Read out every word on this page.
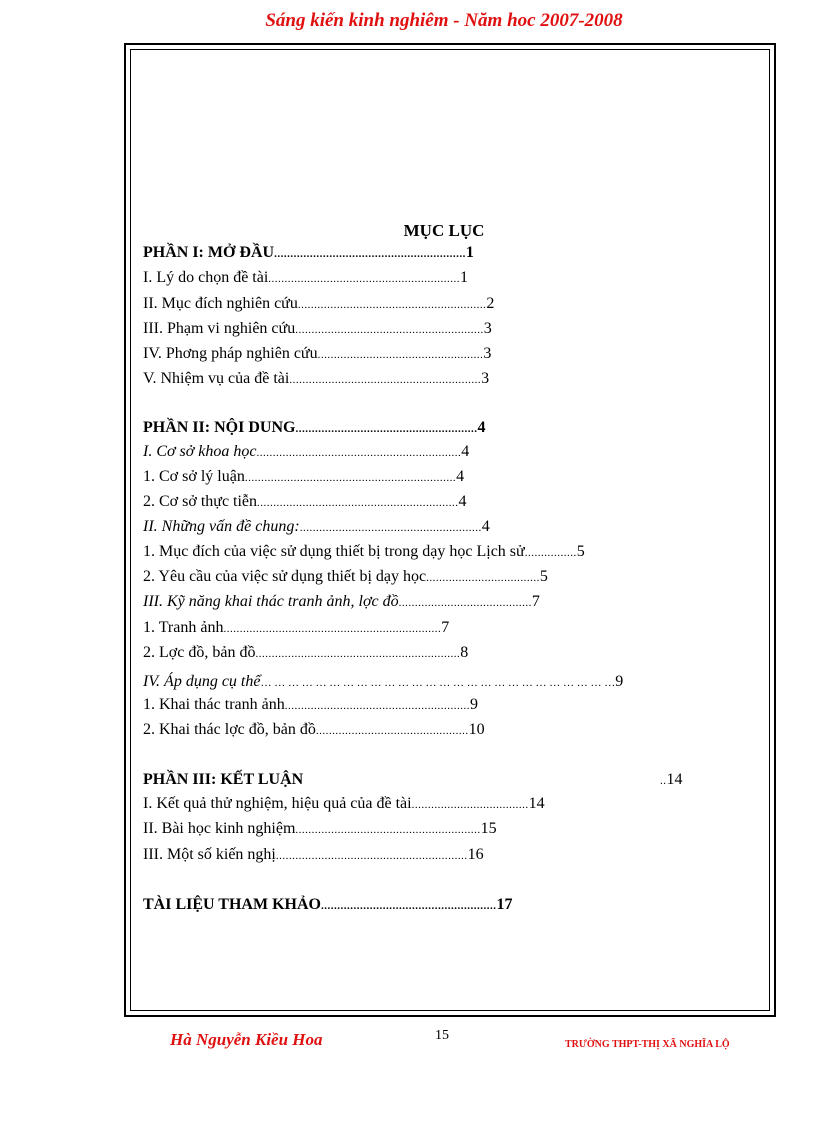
Sáng kiến kinh nghiêm - Năm hoc 2007-2008
MỤC LỤC
PHẦN I: MỞ ĐẦU...........................................................1
I. Lý do chọn đề tài...........................................................1
II. Mục đích nghiên cứu..........................................................2
III. Phạm vi nghiên cứu..........................................................3
IV. Phơng pháp nghiên cứu...................................................3
V. Nhiệm vụ của đề tài...........................................................3
PHẦN II: NỘI DUNG........................................................4
I. Cơ sở khoa học...............................................................4
1. Cơ sở lý luận.................................................................4
2. Cơ sở thực tiễn..............................................................4
II. Những vấn đề chung:........................................................4
1. Mục đích của việc sử dụng thiết bị trong dạy học Lịch sử................5
2. Yêu cầu của việc sử dụng thiết bị dạy học...................................5
III. Kỹ năng khai thác tranh ảnh, lợc đồ.........................................7
1. Tranh ảnh...................................................................7
2. Lợc đồ, bản đồ...............................................................8
IV. Áp dụng cụ thể… … … … … … … … … … … … … … … … … … … … … … … … … …9
1. Khai thác tranh ảnh.........................................................9
2. Khai thác lợc đồ, bản đồ...............................................10
PHẦN III: KẾT LUẬN	..14
I. Kết quả thử nghiệm, hiệu quả của đề tài....................................14
II. Bài học kinh nghiệm.........................................................15
III. Một số kiến nghị...........................................................16
TÀI LIỆU THAM KHẢO......................................................17
Hà Nguyễn Kiều Hoa	15
TRƯỜNG THPT-THỊ XÃ NGHĨA LỘ
